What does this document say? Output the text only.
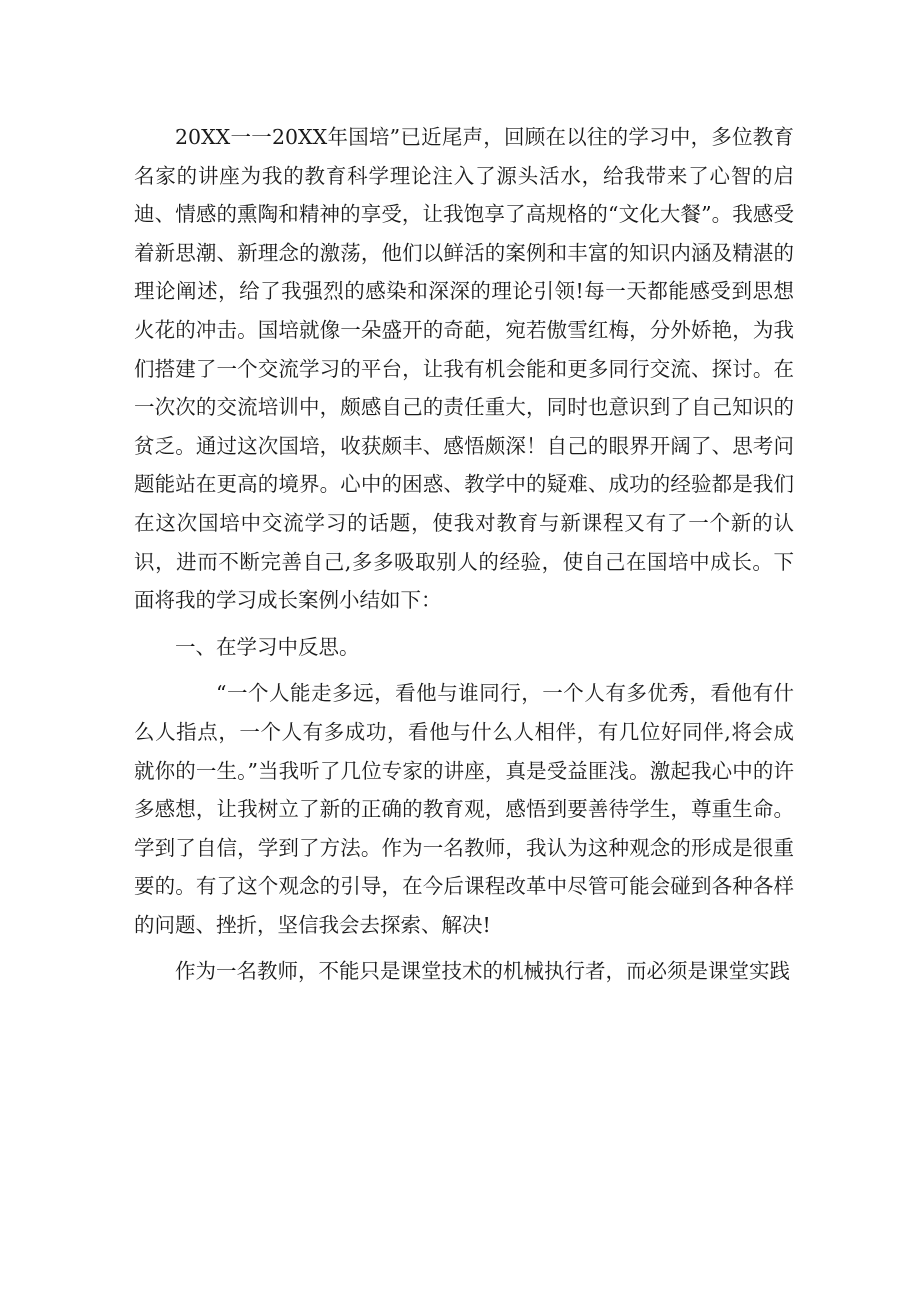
20XX一一20XX年国培”已近尾声，回顾在以往的学习中，多位教育名家的讲座为我的教育科学理论注入了源头活水，给我带来了心智的启迪、情感的熏陶和精神的享受，让我饱享了高规格的“文化大餐”。我感受着新思潮、新理念的激荡，他们以鲜活的案例和丰富的知识内涵及精湛的理论阐述，给了我强烈的感染和深深的理论引领!每一天都能感受到思想火花的冲击。国培就像一朵盛开的奇葩，宛若傲雪红梅，分外娇艳，为我们搭建了一个交流学习的平台，让我有机会能和更多同行交流、探讨。在一次次的交流培训中，颇感自己的责任重大，同时也意识到了自己知识的贫乏。通过这次国培，收获颇丰、感悟颇深！自己的眼界开阔了、思考问题能站在更高的境界。心中的困惑、教学中的疑难、成功的经验都是我们在这次国培中交流学习的话题，使我对教育与新课程又有了一个新的认识，进而不断完善自己,多多吸取别人的经验，使自己在国培中成长。下面将我的学习成长案例小结如下：

一、在学习中反思。

“一个人能走多远，看他与谁同行，一个人有多优秀，看他有什么人指点，一个人有多成功，看他与什么人相伴，有几位好同伴,将会成就你的一生。”当我听了几位专家的讲座，真是受益匪浅。激起我心中的许多感想，让我树立了新的正确的教育观，感悟到要善待学生，尊重生命。学到了自信，学到了方法。作为一名教师，我认为这种观念的形成是很重要的。有了这个观念的引导，在今后课程改革中尽管可能会碰到各种各样的问题、挫折，坚信我会去探索、解决!

作为一名教师，不能只是课堂技术的机械执行者，而必须是课堂实践
